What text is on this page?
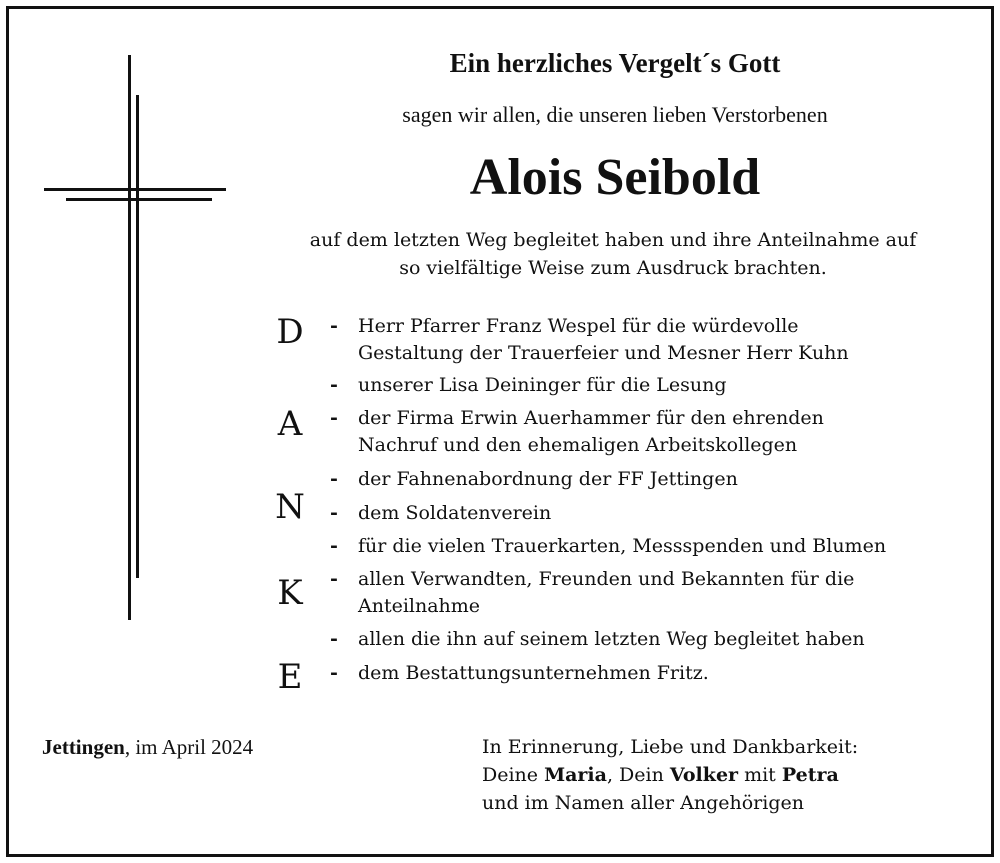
Ein herzliches Vergelt´s Gott
sagen wir allen, die unseren lieben Verstorbenen
Alois Seibold
auf dem letzten Weg begleitet haben und ihre Anteilnahme auf
so vielfältige Weise zum Ausdruck brachten.
D
A
N
K
E
- Herr Pfarrer Franz Wespel für die würdevolle
Gestaltung der Trauerfeier und Mesner Herr Kuhn
- unserer Lisa Deininger für die Lesung
- der Firma Erwin Auerhammer für den ehrenden
Nachruf und den ehemaligen Arbeitskollegen
- der Fahnenabordnung der FF Jettingen
- dem Soldatenverein
- für die vielen Trauerkarten, Messspenden und Blumen
- allen Verwandten, Freunden und Bekannten für die
Anteilnahme
- allen die ihn auf seinem letzten Weg begleitet haben
- dem Bestattungsunternehmen Fritz.
Jettingen, im April 2024	In Erinnerung, Liebe und Dankbarkeit:
Deine Maria, Dein Volker mit Petra
und im Namen aller Angehörigen
